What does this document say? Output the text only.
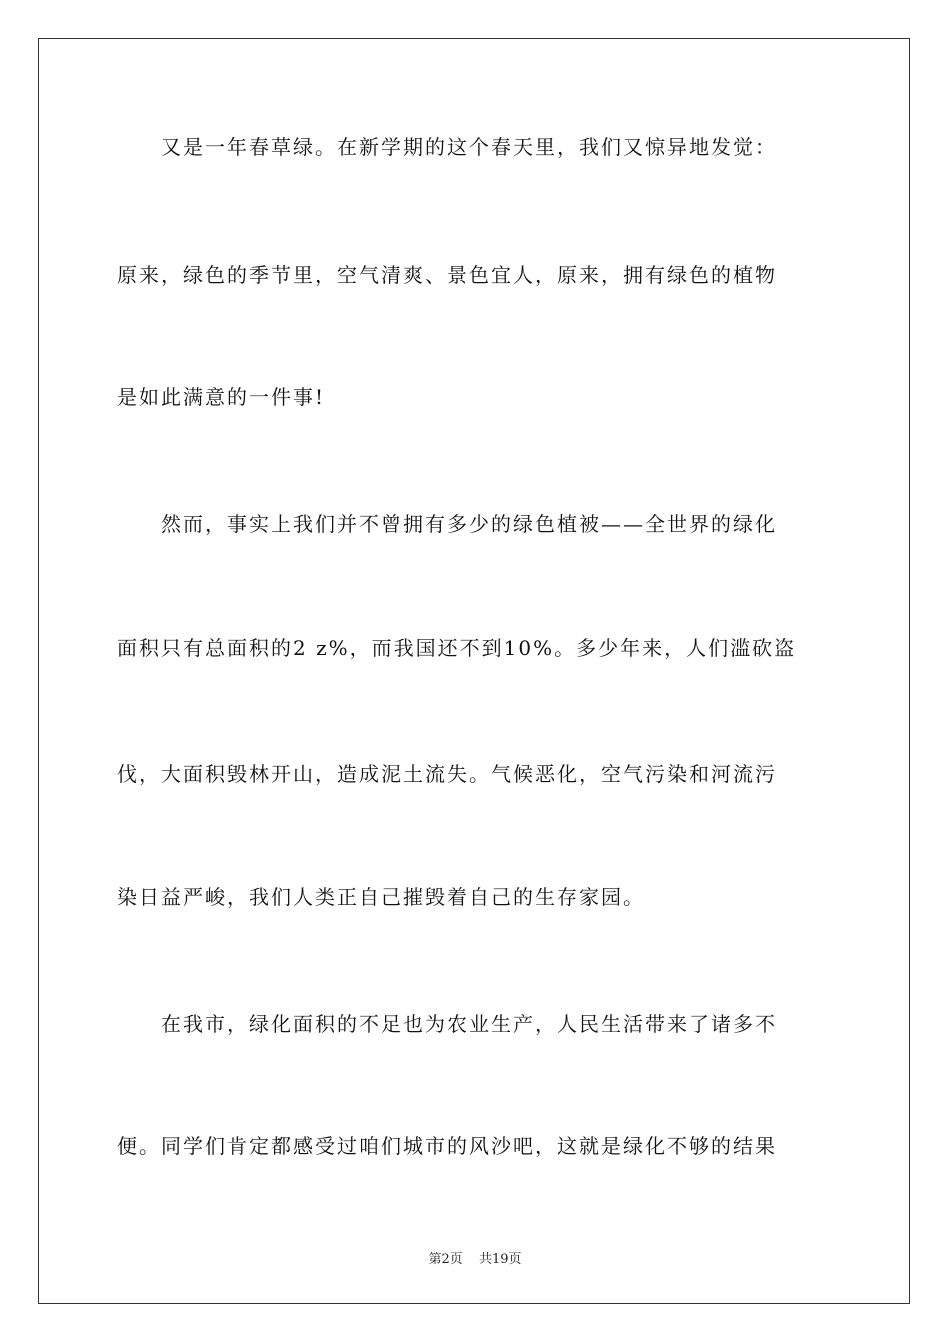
　　又是一年春草绿。在新学期的这个春天里，我们又惊异地发觉：
原来，绿色的季节里，空气清爽、景色宜人，原来，拥有绿色的植物
是如此满意的一件事!
　　然而，事实上我们并不曾拥有多少的绿色植被——全世界的绿化
面积只有总面积的2 z%，而我国还不到10%。多少年来，人们滥砍盗
伐，大面积毁林开山，造成泥土流失。气候恶化，空气污染和河流污
染日益严峻，我们人类正自己摧毁着自己的生存家园。
　　在我市，绿化面积的不足也为农业生产，人民生活带来了诸多不
便。同学们肯定都感受过咱们城市的风沙吧，这就是绿化不够的结果
第2页 共19页
